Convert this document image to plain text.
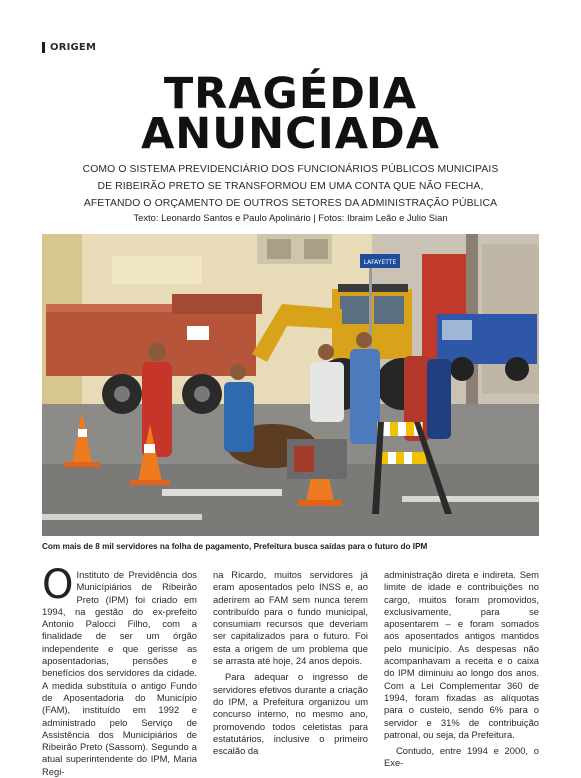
ORIGEM
TRAGÉDIA
ANUNCIADA
COMO O SISTEMA PREVIDENCIÁRIO DOS FUNCIONÁRIOS PÚBLICOS MUNICIPAIS
DE RIBEIRÃO PRETO SE TRANSFORMOU EM UMA CONTA QUE NÃO FECHA,
AFETANDO O ORÇAMENTO DE OUTROS SETORES DA ADMINISTRAÇÃO PÚBLICA
Texto: Leonardo Santos e Paulo Apolinário | Fotos: Ibraim Leão e Julio Sian
LAFAYETTE
Com mais de 8 mil servidores na folha de pagamento, Prefeitura busca saídas para o futuro do IPM
O Instituto de Previdência dos Municípiários de Ribeirão Preto (IPM) foi criado em 1994, na gestão do ex-prefeito Antonio Palocci Filho, com a finalidade de ser um órgão independente e que gerisse as aposentadorias, pensões e benefícios dos servidores da cidade. A medida substituía o antigo Fundo de Aposentadoria do Município (FAM), instituído em 1992 e administrado pelo Serviço de Assistência dos Municipiários de Ribeirão Preto (Sassom). Segundo a atual superintendente do IPM, Maria Regi-

na Ricardo, muitos servidores já eram aposentados pelo INSS e, ao aderirem ao FAM sem nunca terem contribuído para o fundo municipal, consumiam recursos que deveriam ser capitalizados para o futuro. Foi esta a origem de um problema que se arrasta até hoje, 24 anos depois.

Para adequar o ingresso de servidores efetivos durante a criação do IPM, a Prefeitura organizou um concurso interno, no mesmo ano, promovendo todos celetistas para estatutários, inclusive o primeiro escalão da

administração direta e indireta. Sem limite de idade e contribuições no cargo, muitos foram promovidos, exclusivamente, para se aposentarem – e foram somados aos aposentados antigos mantidos pelo município. As despesas não acompanhavam a receita e o caixa do IPM diminuiu ao longo dos anos. Com a Lei Complementar 360 de 1994, foram fixadas as alíquotas para o custeio, sendo 6% para o servidor e 31% de contribuição patronal, ou seja, da Prefeitura.

Contudo, entre 1994 e 2000, o Exe-
